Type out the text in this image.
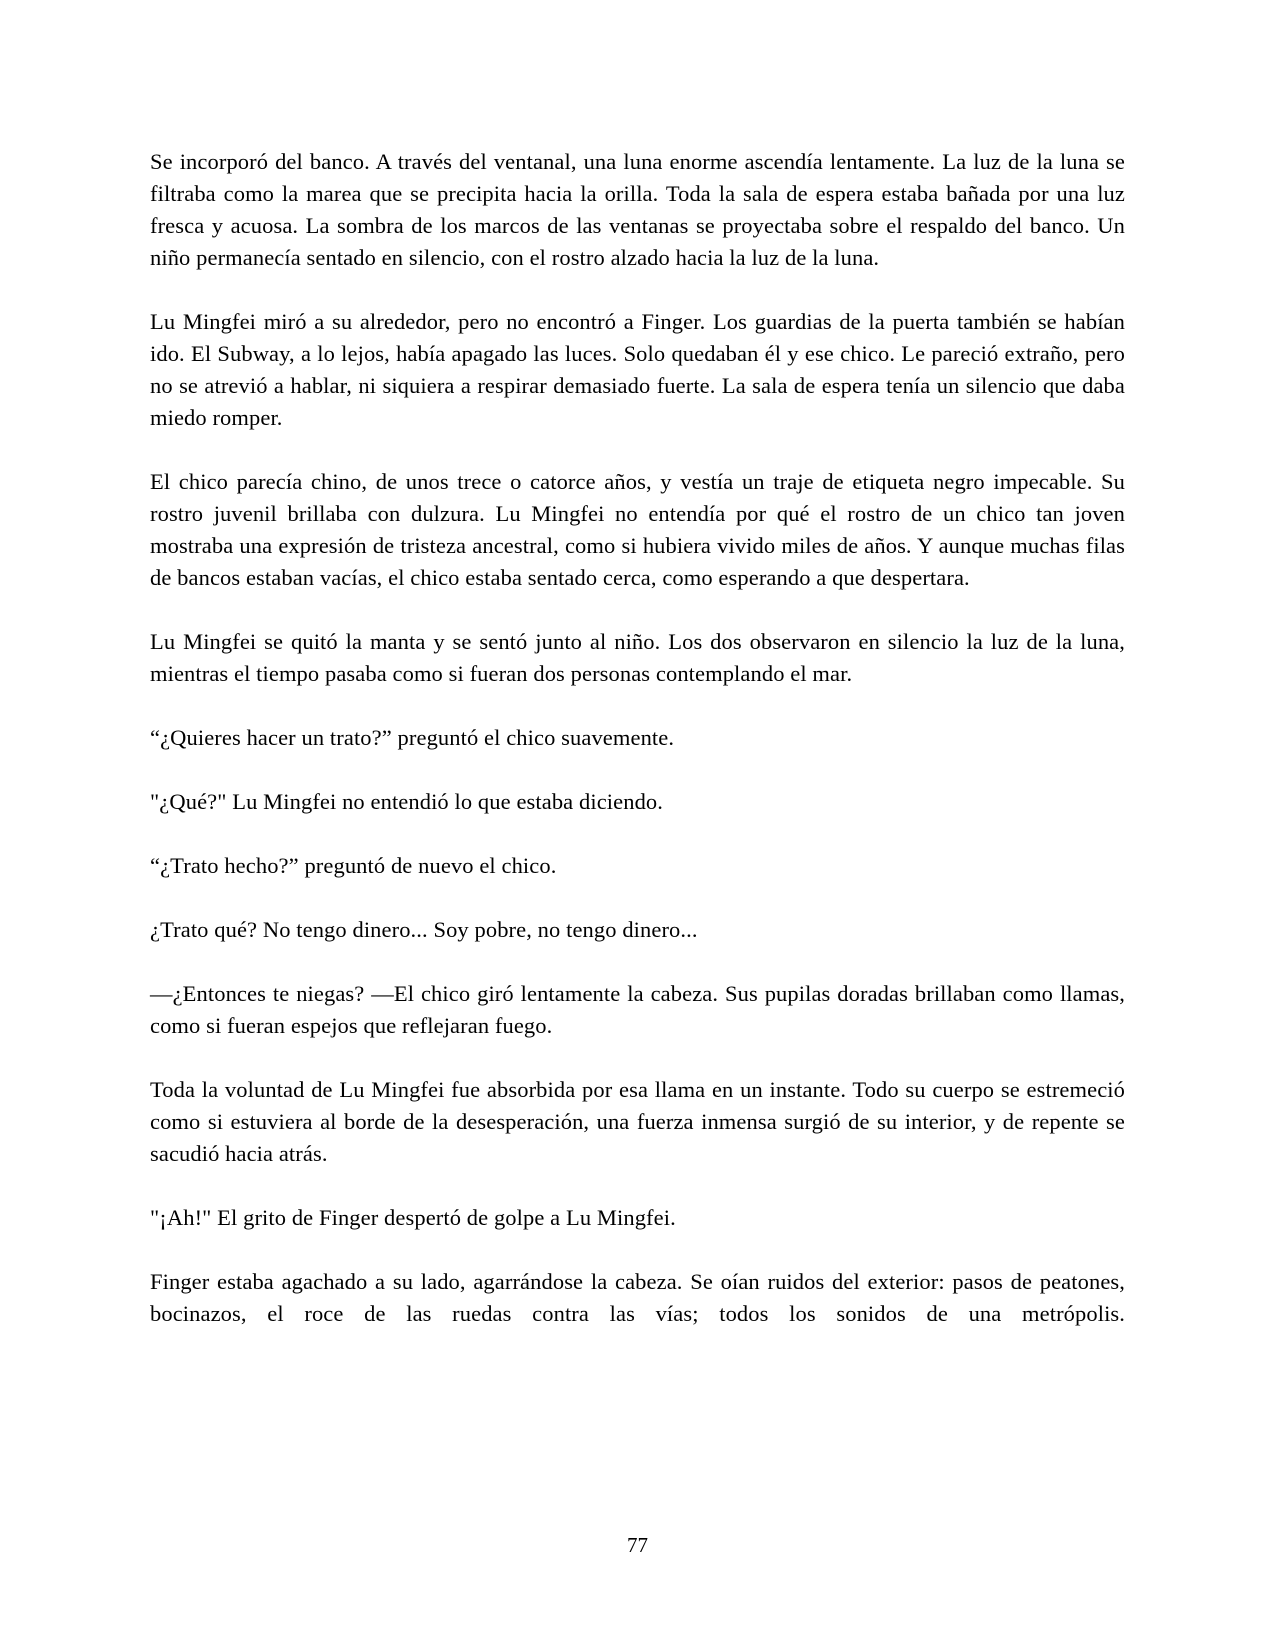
Se incorporó del banco. A través del ventanal, una luna enorme ascendía lentamente. La luz de la luna se filtraba como la marea que se precipita hacia la orilla. Toda la sala de espera estaba bañada por una luz fresca y acuosa. La sombra de los marcos de las ventanas se proyectaba sobre el respaldo del banco. Un niño permanecía sentado en silencio, con el rostro alzado hacia la luz de la luna.

Lu Mingfei miró a su alrededor, pero no encontró a Finger. Los guardias de la puerta también se habían ido. El Subway, a lo lejos, había apagado las luces. Solo quedaban él y ese chico. Le pareció extraño, pero no se atrevió a hablar, ni siquiera a respirar demasiado fuerte. La sala de espera tenía un silencio que daba miedo romper.

El chico parecía chino, de unos trece o catorce años, y vestía un traje de etiqueta negro impecable. Su rostro juvenil brillaba con dulzura. Lu Mingfei no entendía por qué el rostro de un chico tan joven mostraba una expresión de tristeza ancestral, como si hubiera vivido miles de años. Y aunque muchas filas de bancos estaban vacías, el chico estaba sentado cerca, como esperando a que despertara.

Lu Mingfei se quitó la manta y se sentó junto al niño. Los dos observaron en silencio la luz de la luna, mientras el tiempo pasaba como si fueran dos personas contemplando el mar.

“¿Quieres hacer un trato?” preguntó el chico suavemente.

"¿Qué?" Lu Mingfei no entendió lo que estaba diciendo.

“¿Trato hecho?” preguntó de nuevo el chico.

¿Trato qué? No tengo dinero... Soy pobre, no tengo dinero...

—¿Entonces te niegas? —El chico giró lentamente la cabeza. Sus pupilas doradas brillaban como llamas, como si fueran espejos que reflejaran fuego.

Toda la voluntad de Lu Mingfei fue absorbida por esa llama en un instante. Todo su cuerpo se estremeció como si estuviera al borde de la desesperación, una fuerza inmensa surgió de su interior, y de repente se sacudió hacia atrás.

"¡Ah!" El grito de Finger despertó de golpe a Lu Mingfei.

Finger estaba agachado a su lado, agarrándose la cabeza. Se oían ruidos del exterior: pasos de peatones, bocinazos, el roce de las ruedas contra las vías; todos los sonidos de una metrópolis.

77
